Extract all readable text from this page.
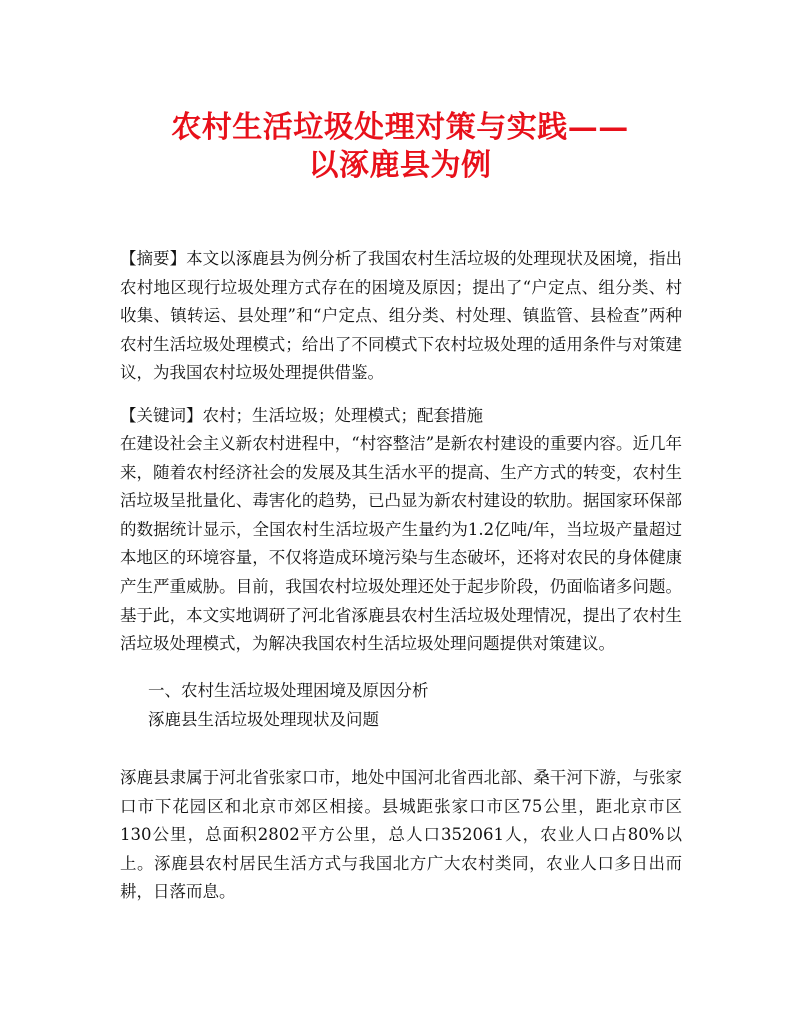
农村生活垃圾处理对策与实践——
以涿鹿县为例
【摘要】本文以涿鹿县为例分析了我国农村生活垃圾的处理现状及困境，指出农村地区现行垃圾处理方式存在的困境及原因；提出了“户定点、组分类、村收集、镇转运、县处理”和“户定点、组分类、村处理、镇监管、县检查”两种农村生活垃圾处理模式；给出了不同模式下农村垃圾处理的适用条件与对策建议，为我国农村垃圾处理提供借鉴。
【关键词】农村；生活垃圾；处理模式；配套措施
在建设社会主义新农村进程中，“村容整洁”是新农村建设的重要内容。近几年来，随着农村经济社会的发展及其生活水平的提高、生产方式的转变，农村生活垃圾呈批量化、毒害化的趋势，已凸显为新农村建设的软肋。据国家环保部的数据统计显示，全国农村生活垃圾产生量约为1.2亿吨/年，当垃圾产量超过本地区的环境容量，不仅将造成环境污染与生态破坏，还将对农民的身体健康产生严重威胁。目前，我国农村垃圾处理还处于起步阶段，仍面临诸多问题。基于此，本文实地调研了河北省涿鹿县农村生活垃圾处理情况，提出了农村生活垃圾处理模式，为解决我国农村生活垃圾处理问题提供对策建议。
一、农村生活垃圾处理困境及原因分析
涿鹿县生活垃圾处理现状及问题
涿鹿县隶属于河北省张家口市，地处中国河北省西北部、桑干河下游，与张家口市下花园区和北京市郊区相接。县城距张家口市区75公里，距北京市区130公里，总面积2802平方公里，总人口352061人，农业人口占80%以上。涿鹿县农村居民生活方式与我国北方广大农村类同，农业人口多日出而耕，日落而息。
